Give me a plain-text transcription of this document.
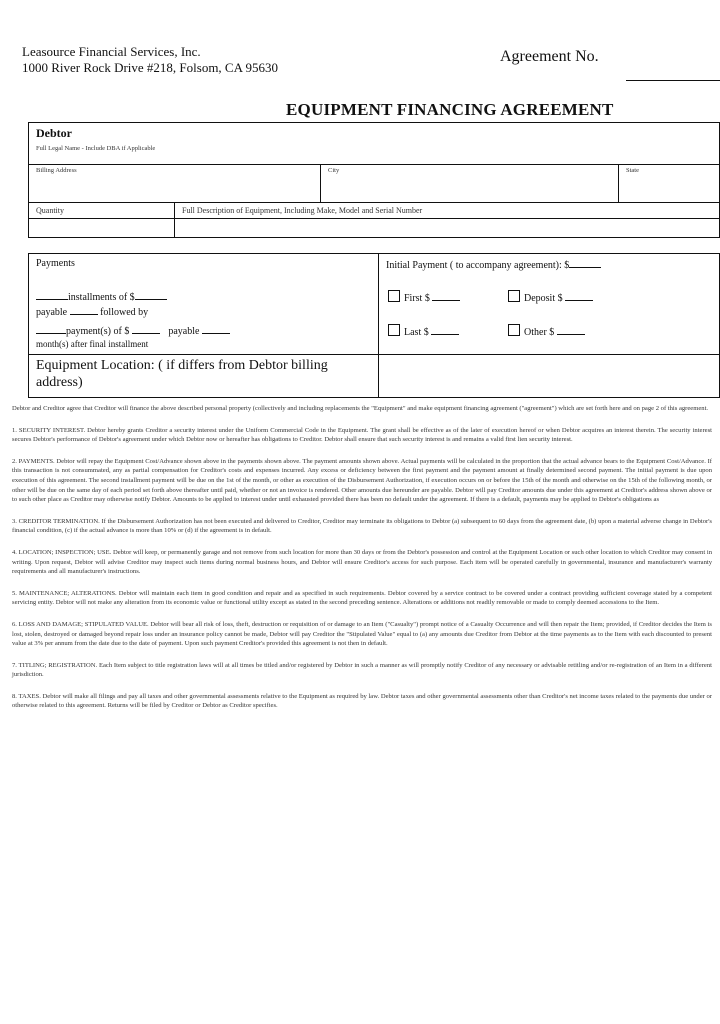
Leasource Financial Services, Inc.
1000 River Rock Drive #218, Folsom, CA 95630
Agreement No.
EQUIPMENT FINANCING AGREEMENT
Debtor
Full Legal Name - Include DBA if Applicable
Billing Address	City	State
Quantity	Full Description of Equipment, Including Make, Model and Serial Number
Payments
installments of $
payable	followed by
payment(s) of $	payable
month(s) after final installment
Initial Payment ( to accompany agreement): $
First $	Deposit $
Last $	Other $
Equipment Location: ( if differs from Debtor billing address)

Debtor and Creditor agree that Creditor will finance the above described personal property (collectively and including replacements the "Equipment" and make equipment financing agreement ("agreement") which are set forth here and on page 2 of this agreement.

1. SECURITY INTEREST. Debtor hereby grants Creditor a security interest under the Uniform Commercial Code in the Equipment. The grant shall be effective as of the later of execution hereof or when Debtor acquires an interest therein. The security interest secures Debtor's performance of Debtor's agreement under which Debtor now or hereafter has obligations to Creditor. Debtor shall ensure that such security interest is and remains a valid first lien security interest.

2. PAYMENTS. Debtor will repay the Equipment Cost/Advance shown above in the payments shown above. The payment amounts shown above. Actual payments will be calculated in the proportion that the actual advance bears to the Equipment Cost/Advance. If this transaction is not consummated, any as partial compensation for Creditor's costs and expenses incurred. Any excess or deficiency between the first payment and the payment amount at finally determined second payment. The initial payment is due upon execution of this agreement. The second installment payment will be due on the 1st of the month, or other as execution of the Disbursement Authorization, if execution occurs on or before the 15th of the month and otherwise on the 15th of the following month, or other will be due on the same day of each period set forth above thereafter until paid, whether or not an invoice is rendered. Other amounts due hereunder are payable. Debtor will pay Creditor amounts due under this agreement at Creditor's address shown above or to such other place as Creditor may otherwise notify Debtor. Amounts to be applied to interest under until exhausted provided there has been no default under the agreement. If there is a default, payments may be applied to Debtor's obligations as

3. CREDITOR TERMINATION. If the Disbursement Authorization has not been executed and delivered to Creditor, Creditor may terminate its obligations to Debtor (a) subsequent to 60 days from the agreement date, (b) upon a material adverse change in Debtor's financial condition, (c) if the actual advance is more than 10% or (d) if the agreement is in default.

4. LOCATION; INSPECTION; USE. Debtor will keep, or permanently garage and not remove from such location for more than 30 days or from the Debtor's possession and control at the Equipment Location or such other location to which Creditor may consent in writing. Upon request, Debtor will advise Creditor may inspect such items during normal business hours, and Debtor will ensure Creditor's access for such purpose. Each item will be operated carefully in governmental, insurance and manufacturer's warranty requirements and all manufacturer's instructions.

5. MAINTENANCE; ALTERATIONS. Debtor will maintain each item in good condition and repair and as specified in such requirements. Debtor covered by a service contract to be covered under a contract providing sufficient coverage stated by a competent servicing entity. Debtor will not make any alteration from its economic value or functional utility except as stated in the second preceding sentence. Alterations or additions not readily removable or made to comply deemed accessions to the Item.

6. LOSS AND DAMAGE; STIPULATED VALUE. Debtor will bear all risk of loss, theft, destruction or requisition of or damage to an Item ("Casualty") prompt notice of a Casualty Occurrence and will then repair the Item; provided, if Creditor decides the Item is lost, stolen, destroyed or damaged beyond repair loss under an insurance policy cannot be made, Debtor will pay Creditor the "Stipulated Value" equal to (a) any amounts due Creditor from Debtor at the time payments as to the Item with each discounted to present value at 3% per annum from the date due to the date of payment. Upon such payment Creditor's provided this agreement is not then in default.

7. TITLING; REGISTRATION. Each Item subject to title registration laws will at all times be titled and/or registered by Debtor in such a manner as will promptly notify Creditor of any necessary or advisable retitling and/or re-registration of an Item in a different jurisdiction.

8. TAXES. Debtor will make all filings and pay all taxes and other governmental assessments relative to the Equipment as required by law. Debtor taxes and other governmental assessments other than Creditor's net income taxes related to the payments due under or otherwise related to this agreement. Returns will be filed by Creditor or Debtor as Creditor specifies.
